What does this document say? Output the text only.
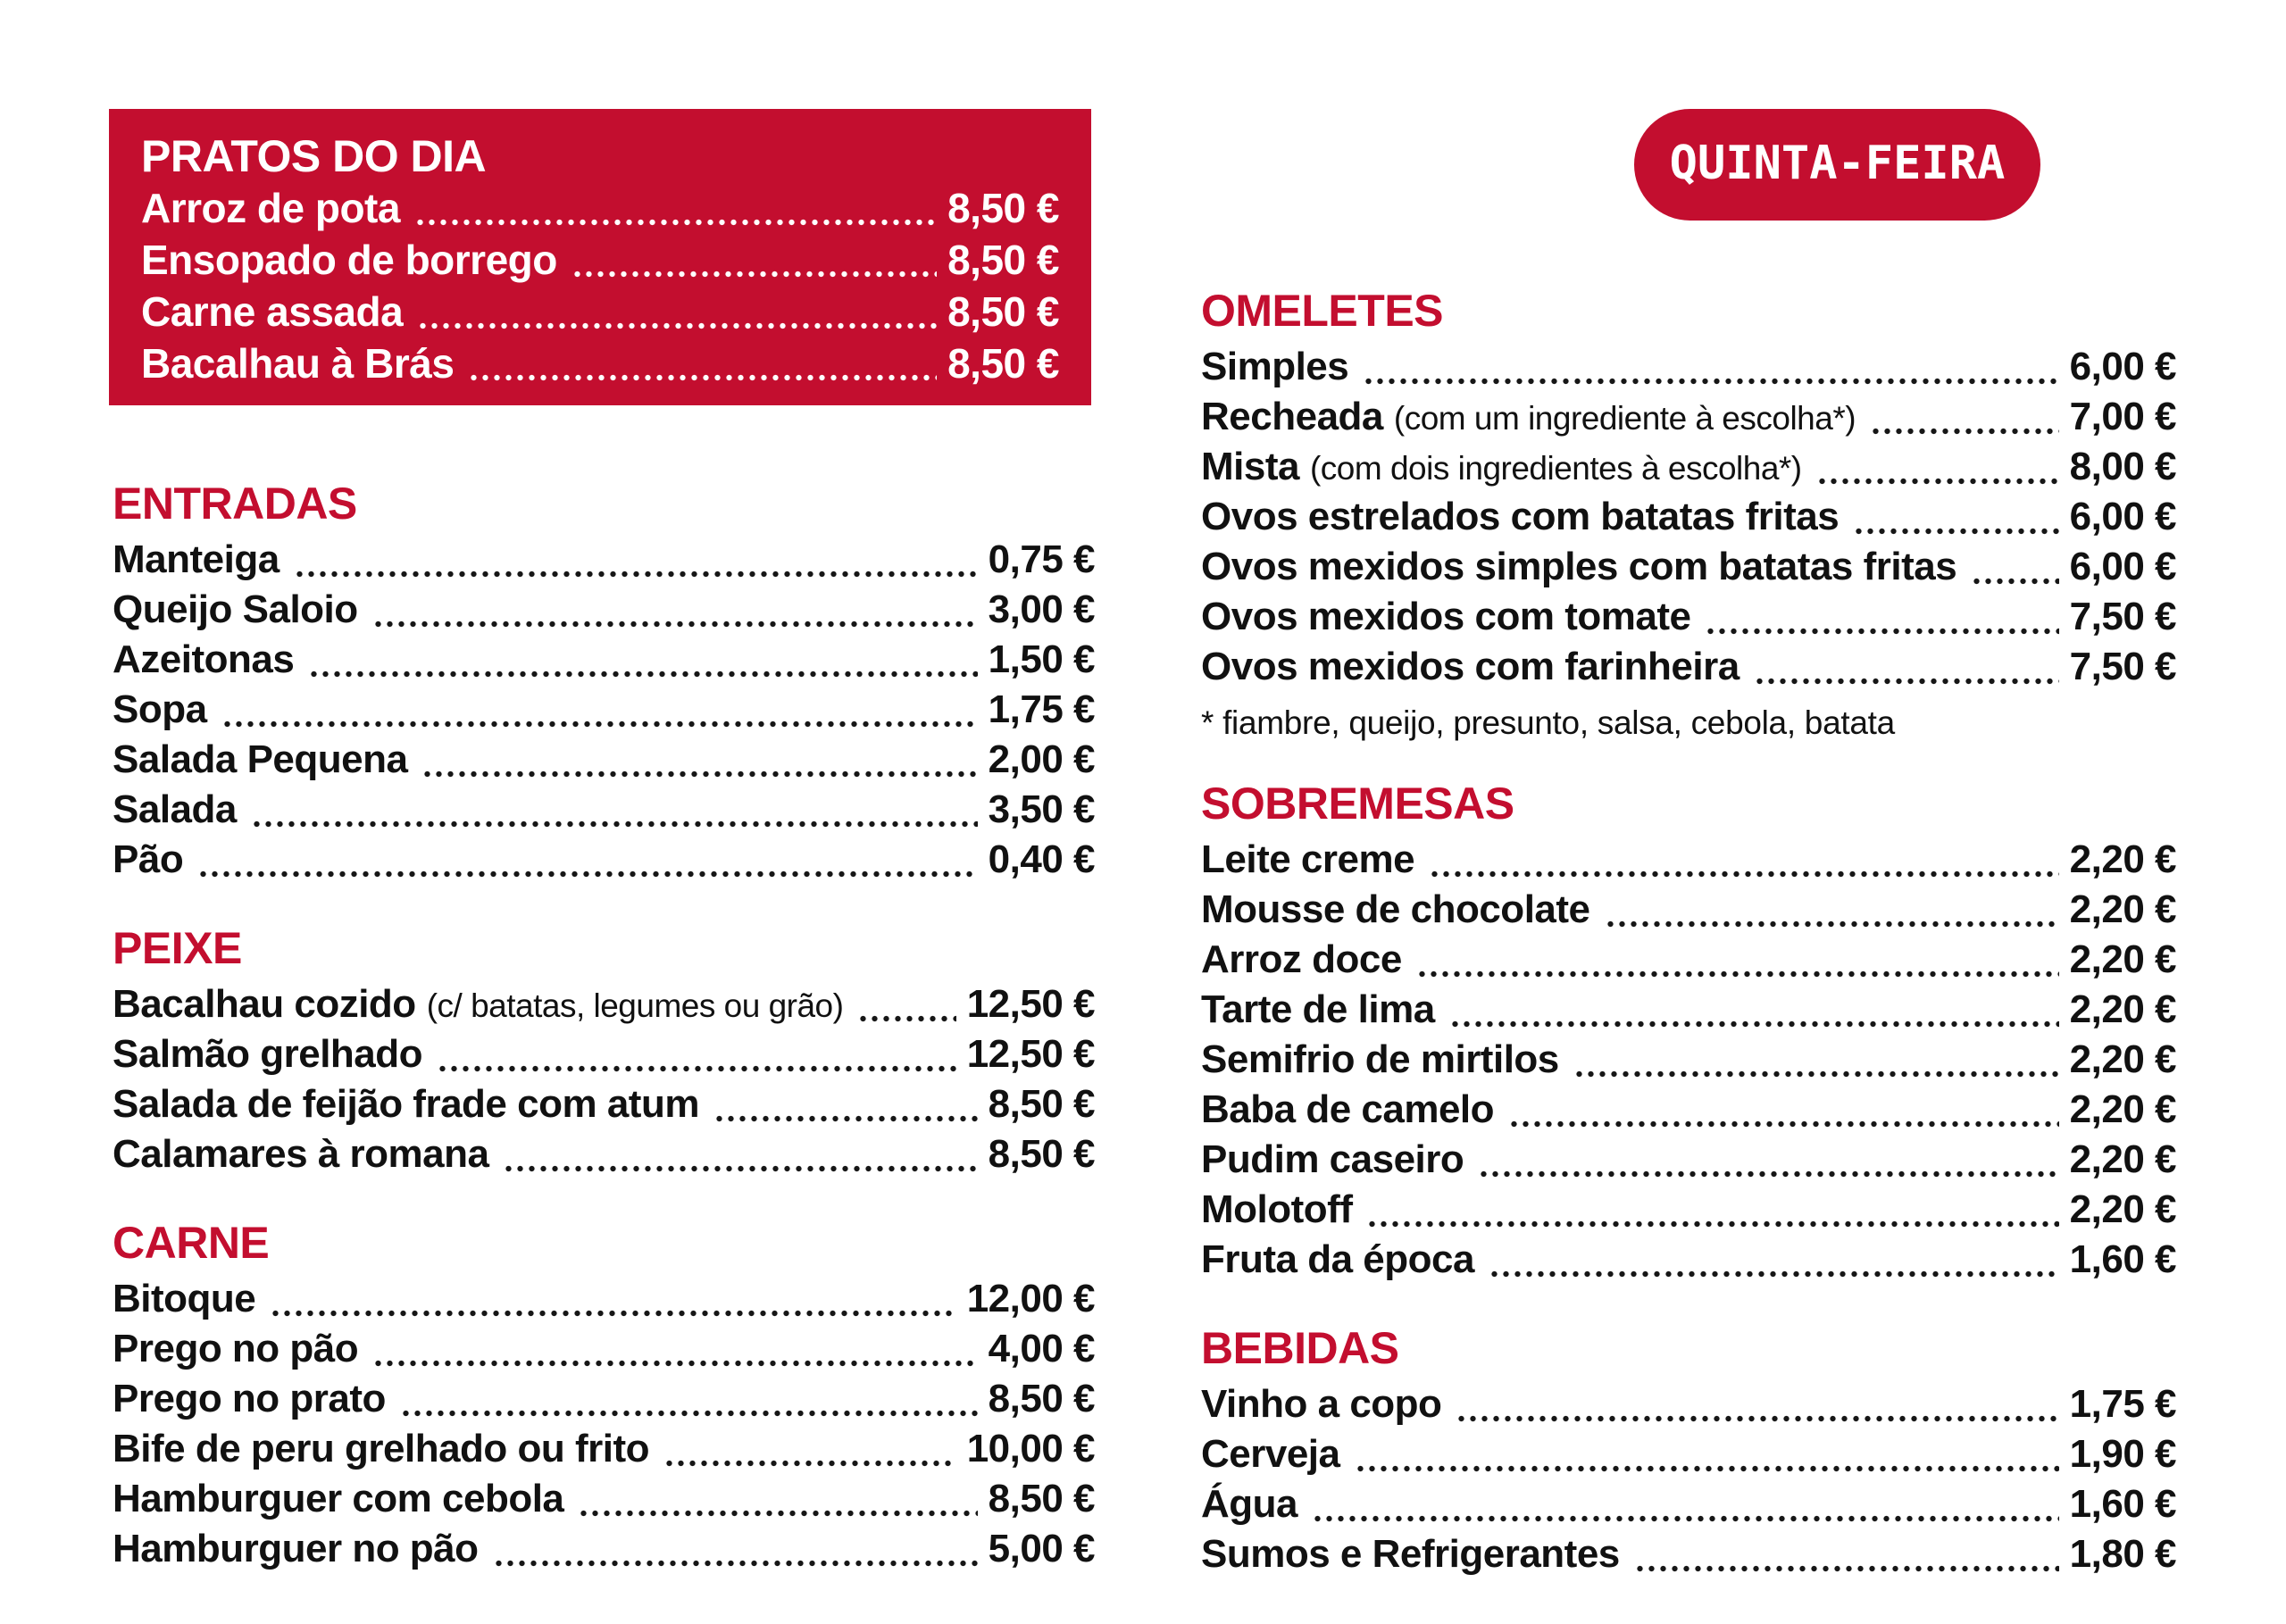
PRATOS DO DIA
Arroz de pota	8,50 €
Ensopado de borrego	8,50 €
Carne assada	8,50 €
Bacalhau à Brás	8,50 €
QUINTA-FEIRA
ENTRADAS
Manteiga	0,75 €
Queijo Saloio	3,00 €
Azeitonas	1,50 €
Sopa	1,75 €
Salada Pequena	2,00 €
Salada	3,50 €
Pão	0,40 €
PEIXE
Bacalhau cozido (c/ batatas, legumes ou grão)	12,50 €
Salmão grelhado	12,50 €
Salada de feijão frade com atum	8,50 €
Calamares à romana	8,50 €
CARNE
Bitoque	12,00 €
Prego no pão	4,00 €
Prego no prato	8,50 €
Bife de peru grelhado ou frito	10,00 €
Hamburguer com cebola	8,50 €
Hamburguer no pão	5,00 €
OMELETES
Simples	6,00 €
Recheada (com um ingrediente à escolha*)	7,00 €
Mista (com dois ingredientes à escolha*)	8,00 €
Ovos estrelados com batatas fritas	6,00 €
Ovos mexidos simples com batatas fritas	6,00 €
Ovos mexidos com tomate	7,50 €
Ovos mexidos com farinheira	7,50 €

* fiambre, queijo, presunto, salsa, cebola, batata

SOBREMESAS
Leite creme	2,20 €
Mousse de chocolate	2,20 €
Arroz doce	2,20 €
Tarte de lima	2,20 €
Semifrio de mirtilos	2,20 €
Baba de camelo	2,20 €
Pudim caseiro	2,20 €
Molotoff	2,20 €
Fruta da época	1,60 €
BEBIDAS
Vinho a copo	1,75 €
Cerveja	1,90 €
Água	1,60 €
Sumos e Refrigerantes	1,80 €
